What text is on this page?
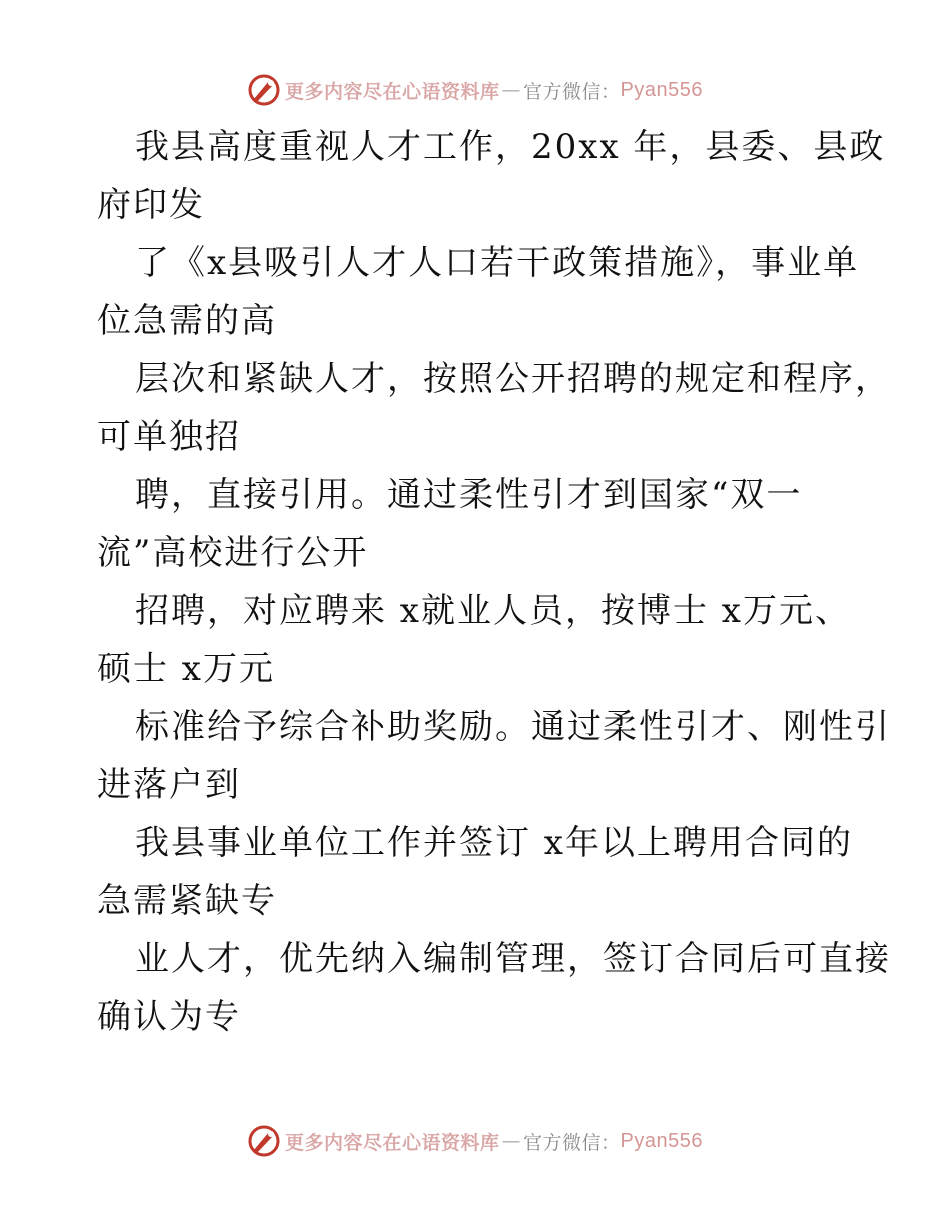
更多内容尽在心语资料库 — 官方微信： Pyan556

我县高度重视人才工作，20xx 年，县委、县政

府印发

了《x县吸引人才人口若干政策措施》，事业单

位急需的高

层次和紧缺人才，按照公开招聘的规定和程序，

可单独招

聘，直接引用。通过柔性引才到国家“双一

流”高校进行公开

招聘，对应聘来 x就业人员，按博士 x万元、

硕士 x万元

标准给予综合补助奖励。通过柔性引才、刚性引

进落户到

我县事业单位工作并签订 x年以上聘用合同的

急需紧缺专

业人才，优先纳入编制管理，签订合同后可直接

确认为专

更多内容尽在心语资料库 — 官方微信： Pyan556
